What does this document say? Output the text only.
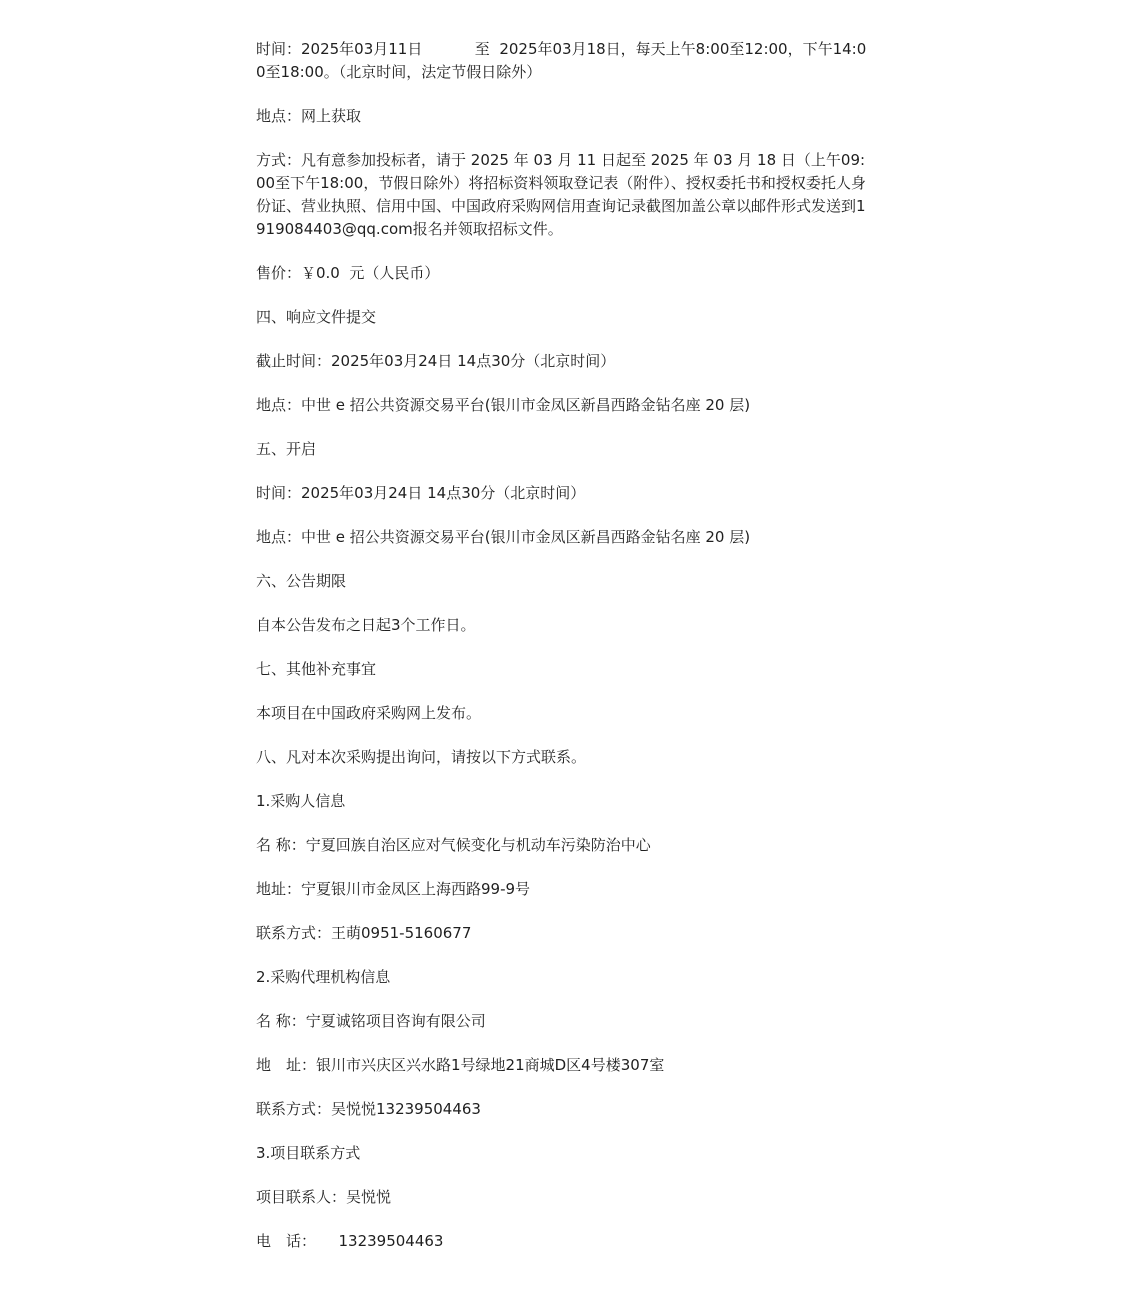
时间：2025年03月11日           至  2025年03月18日，每天上午8:00至12:00，下午14:00至18:00。（北京时间，法定节假日除外）

地点：网上获取

方式：凡有意参加投标者，请于 2025 年 03 月 11 日起至 2025 年 03 月 18 日（上午09:00至下午18:00，节假日除外）将招标资料领取登记表（附件）、授权委托书和授权委托人身份证、营业执照、信用中国、中国政府采购网信用查询记录截图加盖公章以邮件形式发送到1919084403@qq.com报名并领取招标文件。

售价：￥0.0  元（人民币）

四、响应文件提交

截止时间：2025年03月24日 14点30分（北京时间）

地点：中世 e 招公共资源交易平台(银川市金凤区新昌西路金钻名座 20 层)

五、开启

时间：2025年03月24日 14点30分（北京时间）

地点：中世 e 招公共资源交易平台(银川市金凤区新昌西路金钻名座 20 层)

六、公告期限

自本公告发布之日起3个工作日。

七、其他补充事宜

本项目在中国政府采购网上发布。

八、凡对本次采购提出询问，请按以下方式联系。

1.采购人信息

名 称：宁夏回族自治区应对气候变化与机动车污染防治中心

地址：宁夏银川市金凤区上海西路99-9号

联系方式：王萌0951-5160677

2.采购代理机构信息

名 称：宁夏诚铭项目咨询有限公司

地　址：银川市兴庆区兴水路1号绿地21商城D区4号楼307室

联系方式：吴悦悦13239504463

3.项目联系方式

项目联系人：吴悦悦

电　话：　　13239504463
